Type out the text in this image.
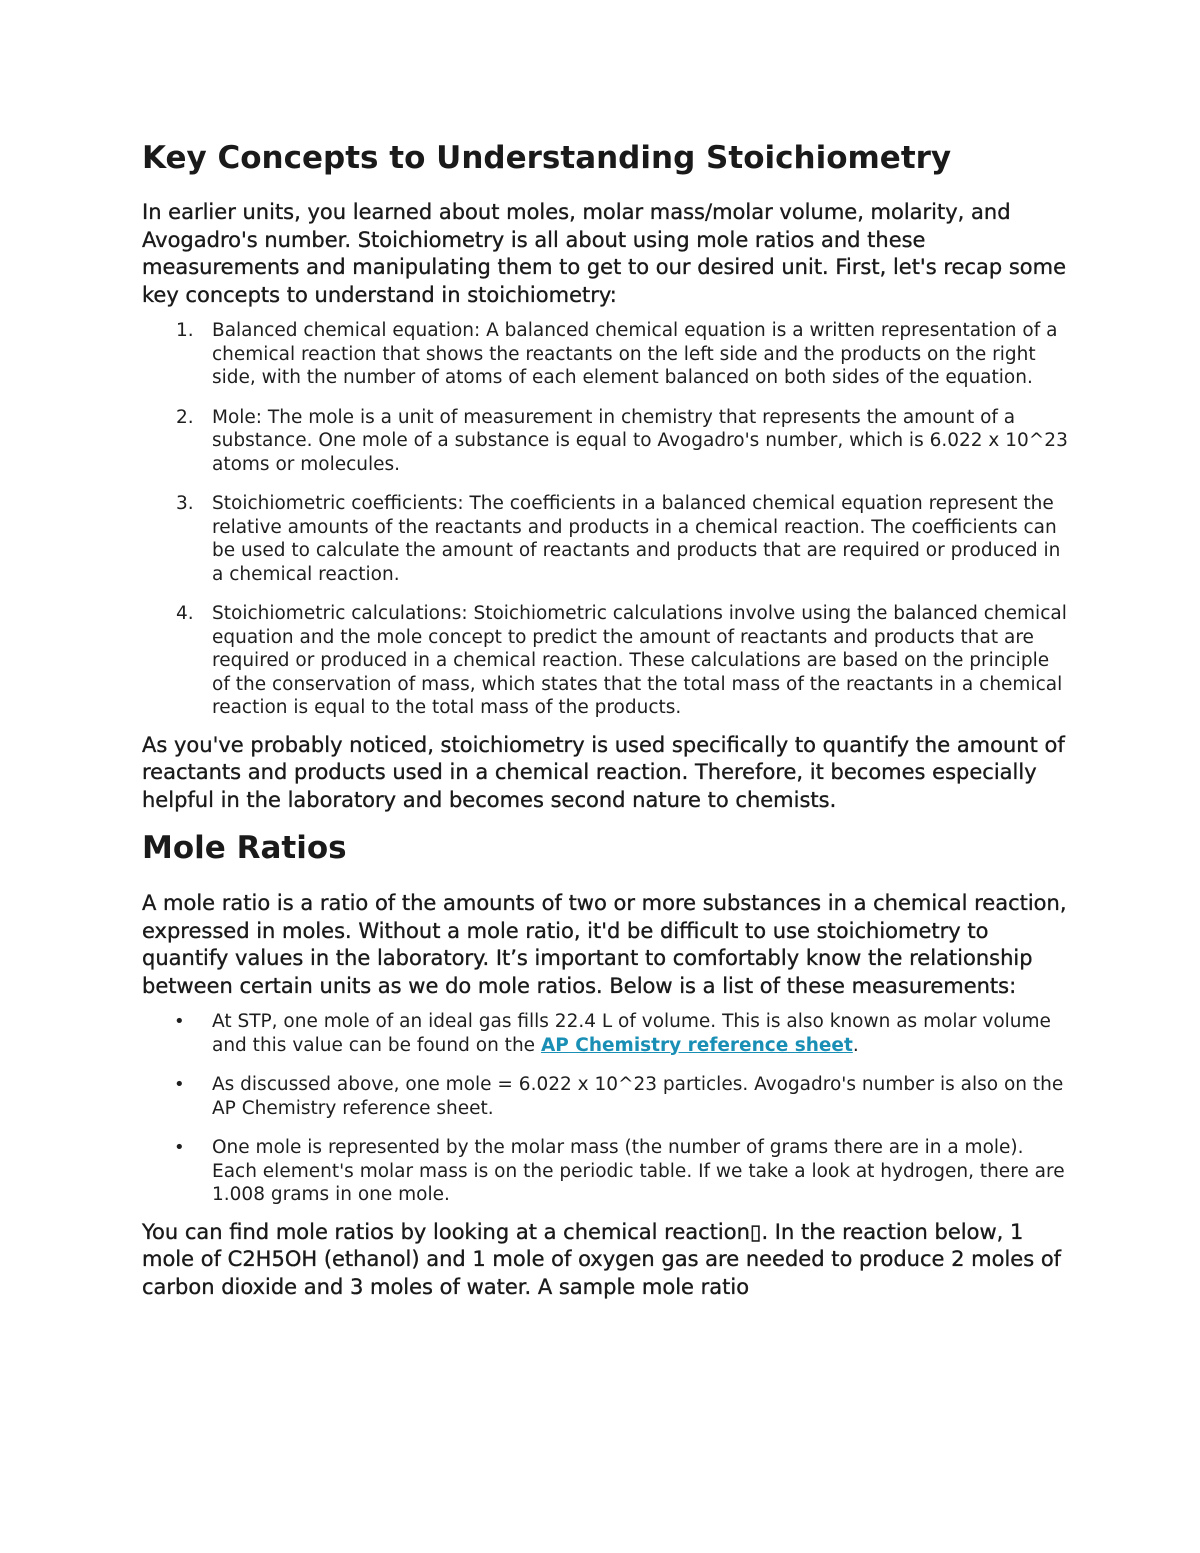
Key Concepts to Understanding Stoichiometry

In earlier units, you learned about moles, molar mass/molar volume, molarity, and Avogadro's number. Stoichiometry is all about using mole ratios and these measurements and manipulating them to get to our desired unit. First, let's recap some key concepts to understand in stoichiometry:

1. Balanced chemical equation: A balanced chemical equation is a written representation of a chemical reaction that shows the reactants on the left side and the products on the right side, with the number of atoms of each element balanced on both sides of the equation.
2. Mole: The mole is a unit of measurement in chemistry that represents the amount of a substance. One mole of a substance is equal to Avogadro's number, which is 6.022 x 10^23 atoms or molecules.
3. Stoichiometric coefficients: The coefficients in a balanced chemical equation represent the relative amounts of the reactants and products in a chemical reaction. The coefficients can be used to calculate the amount of reactants and products that are required or produced in a chemical reaction.
4. Stoichiometric calculations: Stoichiometric calculations involve using the balanced chemical equation and the mole concept to predict the amount of reactants and products that are required or produced in a chemical reaction. These calculations are based on the principle of the conservation of mass, which states that the total mass of the reactants in a chemical reaction is equal to the total mass of the products.

As you've probably noticed, stoichiometry is used specifically to quantify the amount of reactants and products used in a chemical reaction. Therefore, it becomes especially helpful in the laboratory and becomes second nature to chemists.

Mole Ratios

A mole ratio is a ratio of the amounts of two or more substances in a chemical reaction, expressed in moles. Without a mole ratio, it'd be difficult to use stoichiometry to quantify values in the laboratory. It’s important to comfortably know the relationship between certain units as we do mole ratios. Below is a list of these measurements:

• At STP, one mole of an ideal gas fills 22.4 L of volume. This is also known as molar volume and this value can be found on the AP Chemistry reference sheet.
• As discussed above, one mole = 6.022 x 10^23 particles. Avogadro's number is also on the AP Chemistry reference sheet.
• One mole is represented by the molar mass (the number of grams there are in a mole). Each element's molar mass is on the periodic table. If we take a look at hydrogen, there are 1.008 grams in one mole.

You can find mole ratios by looking at a chemical reaction▯. In the reaction below, 1 mole of C2H5OH (ethanol) and 1 mole of oxygen gas are needed to produce 2 moles of carbon dioxide and 3 moles of water. A sample mole ratio
